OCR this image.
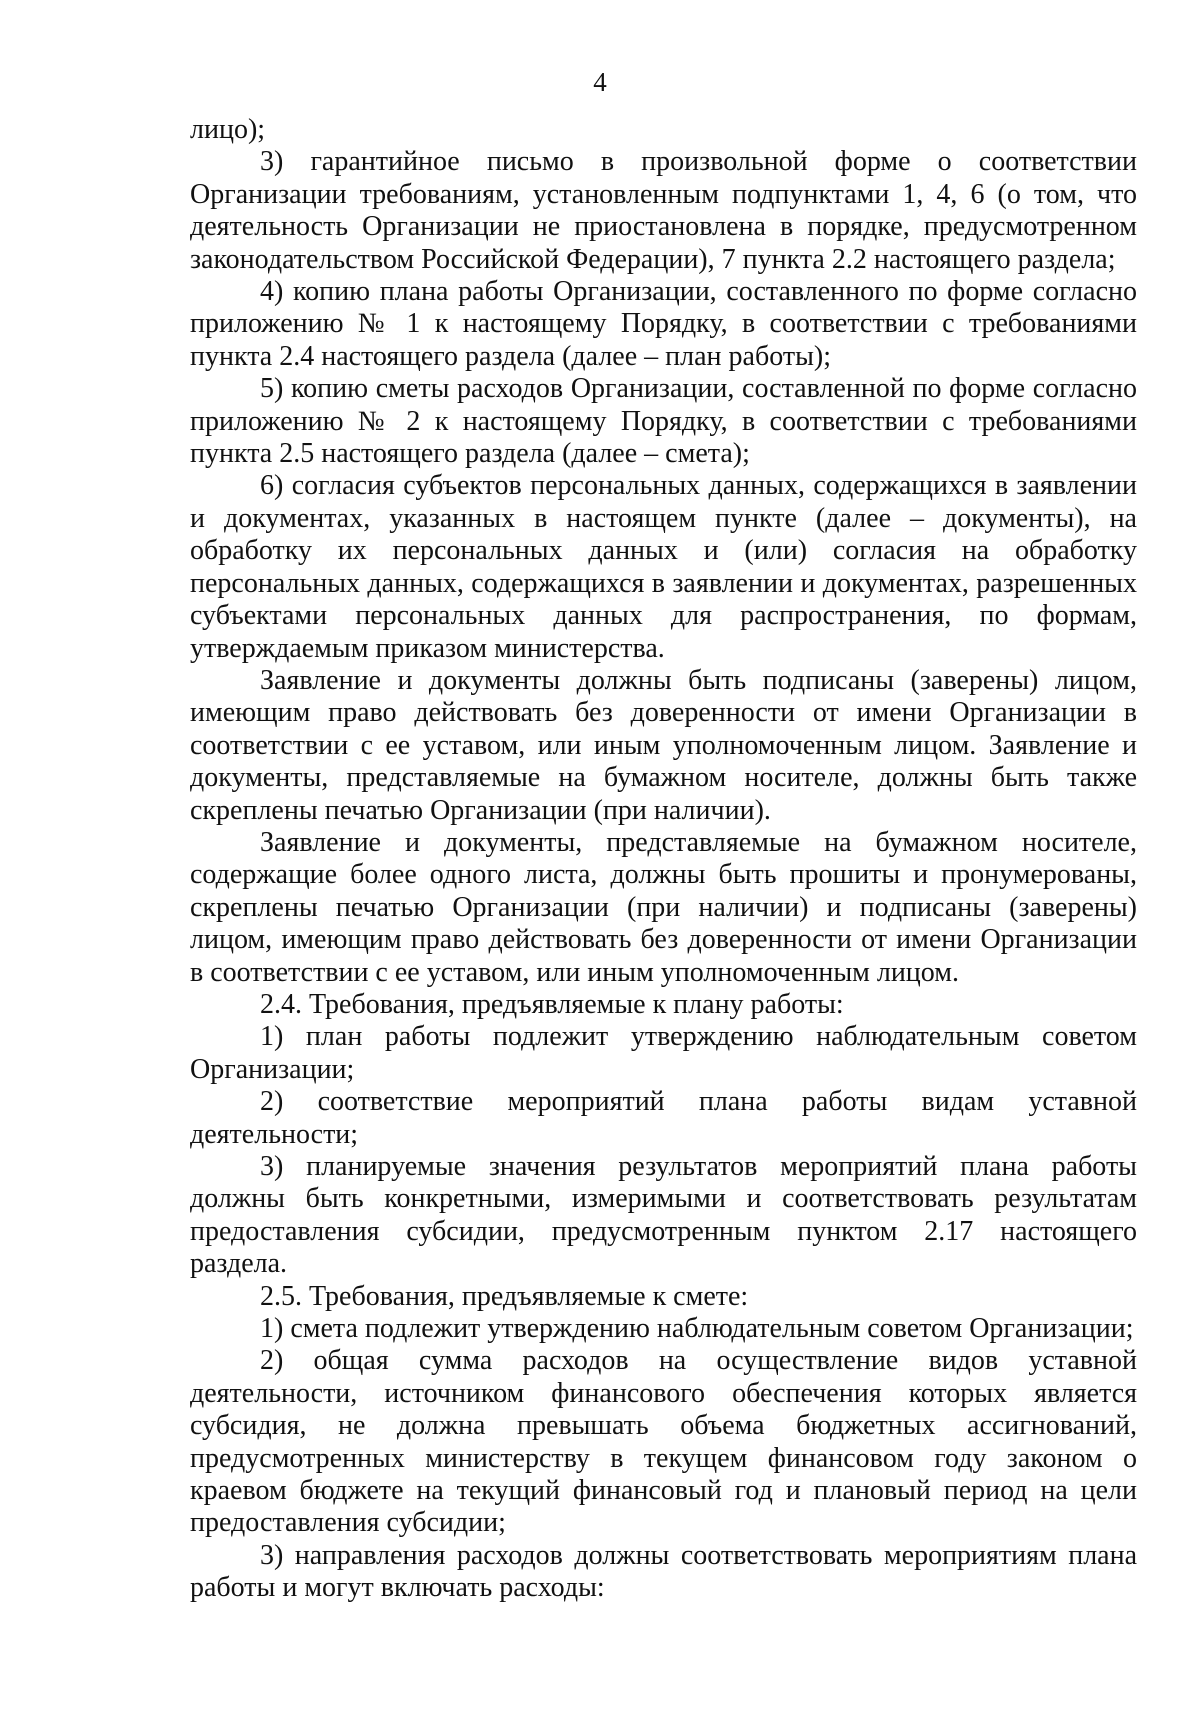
4

лицо);

3) гарантийное письмо в произвольной форме о соответствии Организации требованиям, установленным подпунктами 1, 4, 6 (о том, что деятельность Организации не приостановлена в порядке, предусмотренном законодательством Российской Федерации), 7 пункта 2.2 настоящего раздела;

4) копию плана работы Организации, составленного по форме согласно приложению № 1 к настоящему Порядку, в соответствии с требованиями пункта 2.4 настоящего раздела (далее – план работы);

5) копию сметы расходов Организации, составленной по форме согласно приложению № 2 к настоящему Порядку, в соответствии с требованиями пункта 2.5 настоящего раздела (далее – смета);

6) согласия субъектов персональных данных, содержащихся в заявлении и документах, указанных в настоящем пункте (далее – документы), на обработку их персональных данных и (или) согласия на обработку персональных данных, содержащихся в заявлении и документах, разрешенных субъектами персональных данных для распространения, по формам, утверждаемым приказом министерства.

Заявление и документы должны быть подписаны (заверены) лицом, имеющим право действовать без доверенности от имени Организации в соответствии с ее уставом, или иным уполномоченным лицом. Заявление и документы, представляемые на бумажном носителе, должны быть также скреплены печатью Организации (при наличии).

Заявление и документы, представляемые на бумажном носителе, содержащие более одного листа, должны быть прошиты и пронумерованы, скреплены печатью Организации (при наличии) и подписаны (заверены) лицом, имеющим право действовать без доверенности от имени Организации в соответствии с ее уставом, или иным уполномоченным лицом.

2.4. Требования, предъявляемые к плану работы:

1) план работы подлежит утверждению наблюдательным советом Организации;

2) соответствие мероприятий плана работы видам уставной деятельности;

3) планируемые значения результатов мероприятий плана работы должны быть конкретными, измеримыми и соответствовать результатам предоставления субсидии, предусмотренным пунктом 2.17 настоящего раздела.

2.5. Требования, предъявляемые к смете:

1) смета подлежит утверждению наблюдательным советом Организации;

2) общая сумма расходов на осуществление видов уставной деятельности, источником финансового обеспечения которых является субсидия, не должна превышать объема бюджетных ассигнований, предусмотренных министерству в текущем финансовом году законом о краевом бюджете на текущий финансовый год и плановый период на цели предоставления субсидии;

3) направления расходов должны соответствовать мероприятиям плана работы и могут включать расходы:
